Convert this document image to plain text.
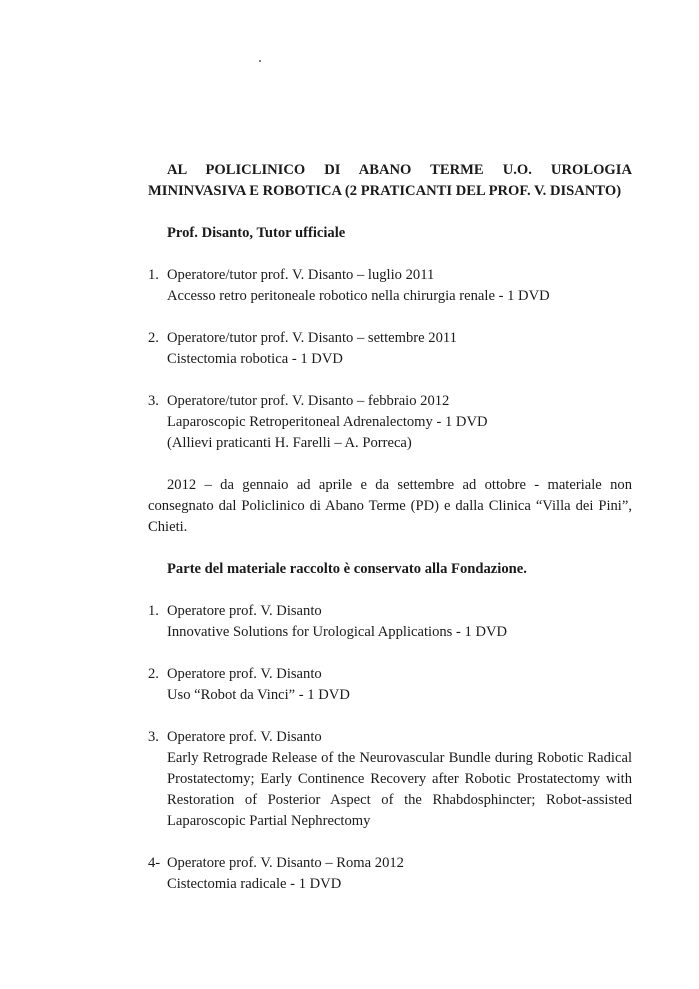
AL POLICLINICO DI ABANO TERME U.O. UROLOGIA MININVASIVA E ROBOTICA (2 PRATICANTI DEL PROF. V. DISANTO)

Prof. Disanto, Tutor ufficiale

1. Operatore/tutor prof. V. Disanto – luglio 2011
Accesso retro peritoneale robotico nella chirurgia renale - 1 DVD
2. Operatore/tutor prof. V. Disanto – settembre 2011
Cistectomia robotica - 1 DVD
3. Operatore/tutor prof. V. Disanto – febbraio 2012
Laparoscopic Retroperitoneal Adrenalectomy - 1 DVD
(Allievi praticanti H. Farelli – A. Porreca)

2012 – da gennaio ad aprile e da settembre ad ottobre - materiale non consegnato dal Policlinico di Abano Terme (PD) e dalla Clinica “Villa dei Pini”, Chieti.

Parte del materiale raccolto è conservato alla Fondazione.

1. Operatore prof. V. Disanto
Innovative Solutions for Urological Applications - 1 DVD
2. Operatore prof. V. Disanto
Uso “Robot da Vinci” - 1 DVD
3. Operatore prof. V. Disanto
Early Retrograde Release of the Neurovascular Bundle during Robotic Radical Prostatectomy; Early Continence Recovery after Robotic Prostatectomy with Restoration of Posterior Aspect of the Rhabdosphincter; Robot-assisted Laparoscopic Partial Nephrectomy
4- Operatore prof. V. Disanto – Roma 2012
Cistectomia radicale - 1 DVD
